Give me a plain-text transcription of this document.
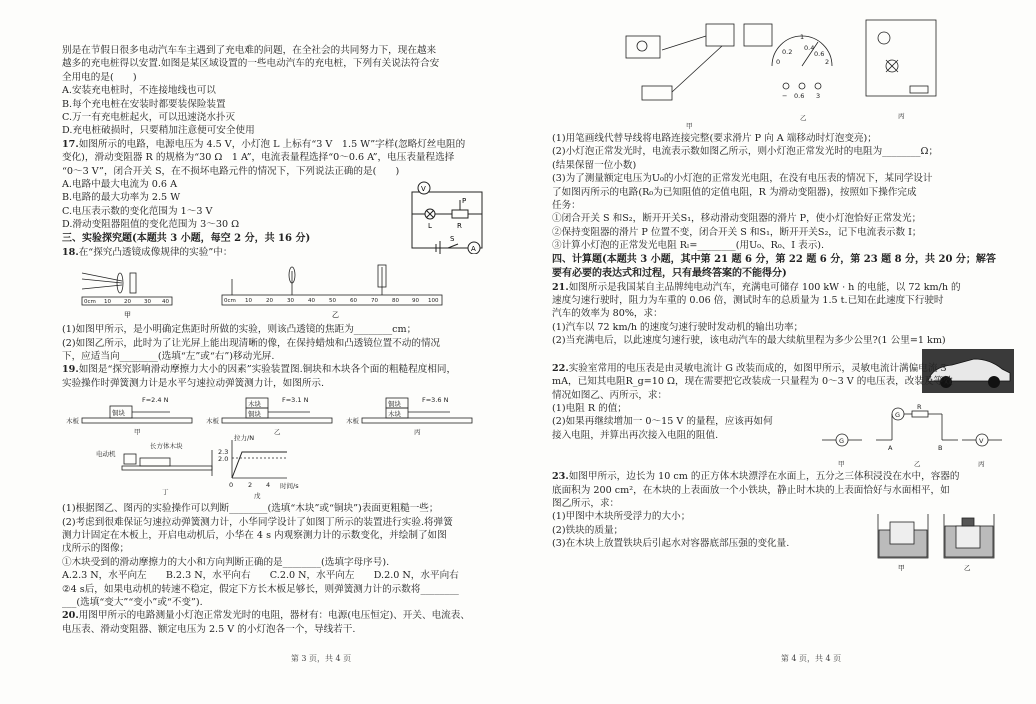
别是在节假日很多电动汽车车主遇到了充电难的问题，在全社会的共同努力下，现在越来
越多的充电桩得以安置.如图是某区域设置的一些电动汽车的充电桩，下列有关说法符合安
全用电的是(　　)
A.安装充电桩时，不连接地线也可以
B.每个充电桩在安装时都要装保险装置
C.万一有充电桩起火，可以迅速浇水扑灭
D.充电桩破损时，只要稍加注意便可安全使用
17.如图所示的电路，电源电压为 4.5 V，小灯泡 L 上标有“3 V　1.5 W”字样(忽略灯丝电阻的
变化)，滑动变阻器 R 的规格为“30 Ω　1 A”，电流表量程选择“0～0.6 A”，电压表量程选择
“0～3 V”，闭合开关 S，在不损坏电路元件的情况下，下列说法正确的是(　　)
A.电路中最大电流为 0.6 A
B.电路的最大功率为 2.5 W
C.电压表示数的变化范围为 1～3 V
D.滑动变阻器阻值的变化范围为 3～30 Ω
V
A
L
P
R
S
三、实验探究题(本题共 3 小题，每空 2 分，共 16 分)
18.在“探究凸透镜成像规律的实验”中：
0cm 10 20 30 40	0cm 10	20	30	40	50	60	70	80 90 100
甲	乙
(1)如图甲所示，是小明确定焦距时所做的实验，则该凸透镜的焦距为________cm；
(2)如图乙所示，此时为了让光屏上能出现清晰的像，在保持蜡烛和凸透镜位置不动的情况
下，应适当向________(选填“左”或“右”)移动光屏.
19.如图是“探究影响滑动摩擦力大小的因素”实验装置图.铜块和木块各个面的粗糙程度相同，
实验操作时弹簧测力计是水平匀速拉动弹簧测力计，如图所示.
F=2.4 N	F=3.1 N	F=3.6 N
铜块
木块
铜块
铜块
木块
木板	木板	木板
甲	乙	丙
电动机
长方体木块
拉力/N
时间/s
2.3
2.0
0 2 4
丁	戊
(1)根据图乙、图丙的实验操作可以判断________(选填“木块”或“铜块”)表面更粗糙一些；
(2)考虑到很难保证匀速拉动弹簧测力计，小华同学设计了如图丁所示的装置进行实验.将弹簧
测力计固定在木板上，开启电动机后，小华在 4 s 内观察测力计的示数变化，并绘制了如图
戊所示的图像；
①木块受到的滑动摩擦力的大小和方向判断正确的是________(选填字母序号).
A.2.3 N，水平向左　　B.2.3 N，水平向右　　C.2.0 N，水平向左　　D.2.0 N，水平向右
②4 s后，如果电动机的转速不稳定，假定下方长木板足够长，则弹簧测力计的示数将________
___(选填“变大”“变小”或“不变”).
20.用图甲所示的电路测量小灯泡正常发光时的电阻，器材有：电源(电压恒定)、开关、电流表、
电压表、滑动变阻器、额定电压为 2.5 V 的小灯泡各一个，导线若干.
第 3 页，共 4 页
甲
乙	丙
0
1
2
0.2 0.4
0.6
− 0.6 3
(1)用笔画线代替导线将电路连接完整(要求滑片 P 向 A 端移动时灯泡变亮)；
(2)小灯泡正常发光时，电流表示数如图乙所示，则小灯泡正常发光时的电阻为________Ω；
(结果保留一位小数)
(3)为了测量额定电压为U₀的小灯泡的正常发光电阻，在没有电压表的情况下，某同学设计
了如图丙所示的电路(R₀为已知阻值的定值电阻，R 为滑动变阻器)，按照如下操作完成
任务：
①闭合开关 S 和S₂，断开开关S₁，移动滑动变阻器的滑片 P，使小灯泡恰好正常发光；
②保持变阻器的滑片 P 位置不变，闭合开关 S 和S₁，断开开关S₂，记下电流表示数 I；
③计算小灯泡的正常发光电阻 Rₗ=________(用U₀、R₀、I 表示).
四、计算题(本题共 3 小题，其中第 21 题 6 分，第 22 题 6 分，第 23 题 8 分，共 20 分；解答
要有必要的表达式和过程，只有最终答案的不能得分)
21.如图所示是我国某自主品牌纯电动汽车，充满电可储存 100 kW · h 的电能，以 72 km/h 的
速度匀速行驶时，阻力为车重的 0.06 倍，测试时车的总质量为 1.5 t.已知在此速度下行驶时
汽车的效率为 80%，求：
(1)汽车以 72 km/h 的速度匀速行驶时发动机的输出功率；
(2)当充满电后，以此速度匀速行驶，该电动汽车的最大续航里程为多少公里?(1 公里=1 km)
22.实验室常用的电压表是由灵敏电流计 G 改装而成的，如图甲所示，灵敏电流计满偏电流 3
mA，已知其电阻R_g=10 Ω，现在需要把它改装成一只量程为 0～3 V 的电压表，改装及等效
情况如图乙、丙所示，求：
(1)电阻 R 的值；
(2)如果再继续增加一 0～15 V 的量程，应该再如何
接入电阻，并算出再次接入电阻的阻值.	G
G
R
V
A	B
甲	乙	丙
23.如图甲所示，边长为 10 cm 的正方体木块漂浮在水面上，五分之三体积浸没在水中，容器的
底面积为 200 cm²，在木块的上表面放一个小铁块，静止时木块的上表面恰好与水面相平，如
图乙所示，求：
(1)甲图中木块所受浮力的大小；
(2)铁块的质量；
(3)在木块上放置铁块后引起水对容器底部压强的变化量.
甲	乙
第 4 页，共 4 页
